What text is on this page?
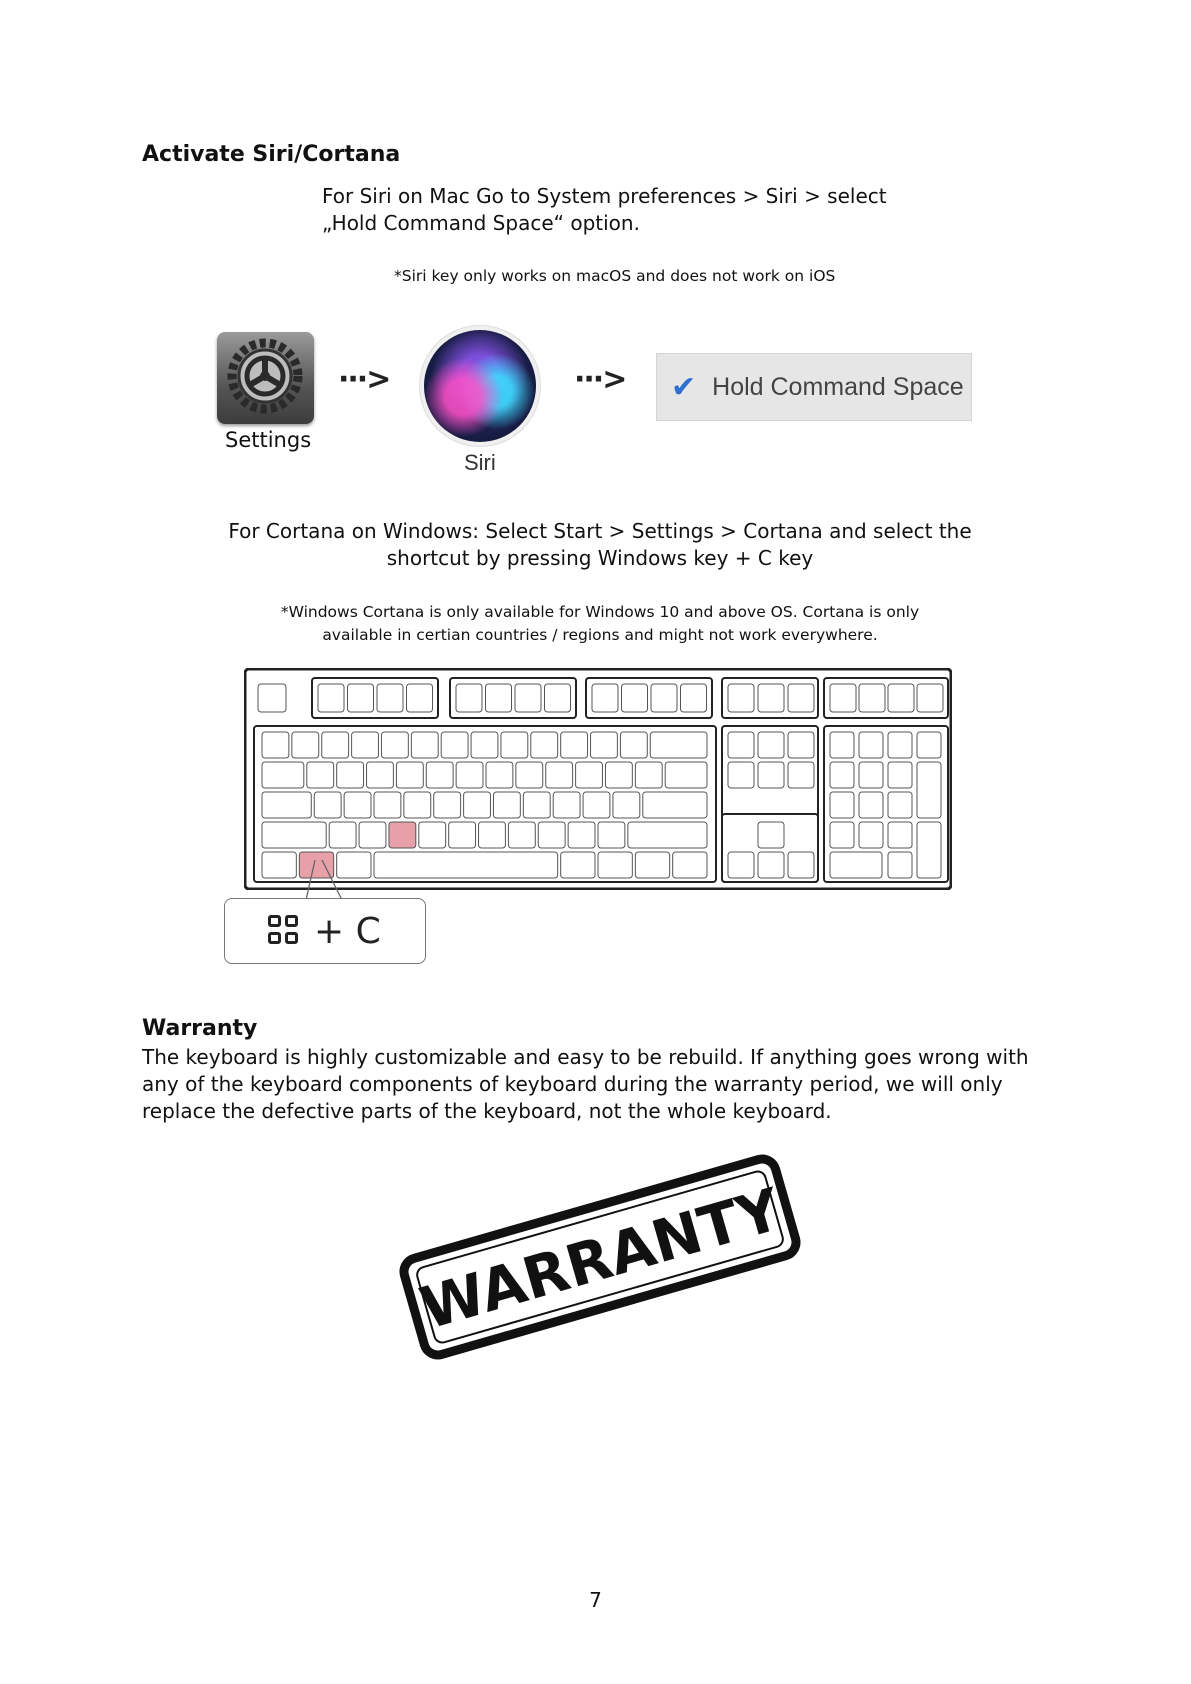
Activate Siri/Cortana
For Siri on Mac Go to System preferences > Siri > select
„Hold Command Space“ option.
*Siri key only works on macOS and does not work on iOS
Settings
···>
Siri
···> ✔ Hold Command Space
For Cortana on Windows: Select Start > Settings > Cortana and select the
shortcut by pressing Windows key + C key
*Windows Cortana is only available for Windows 10 and above OS. Cortana is only
available in certian countries / regions and might not work everywhere.
+ C
Warranty
The keyboard is highly customizable and easy to be rebuild. If anything goes wrong with
any of the keyboard components of keyboard during the warranty period, we will only
replace the defective parts of the keyboard, not the whole keyboard.
WARRANTY
7
